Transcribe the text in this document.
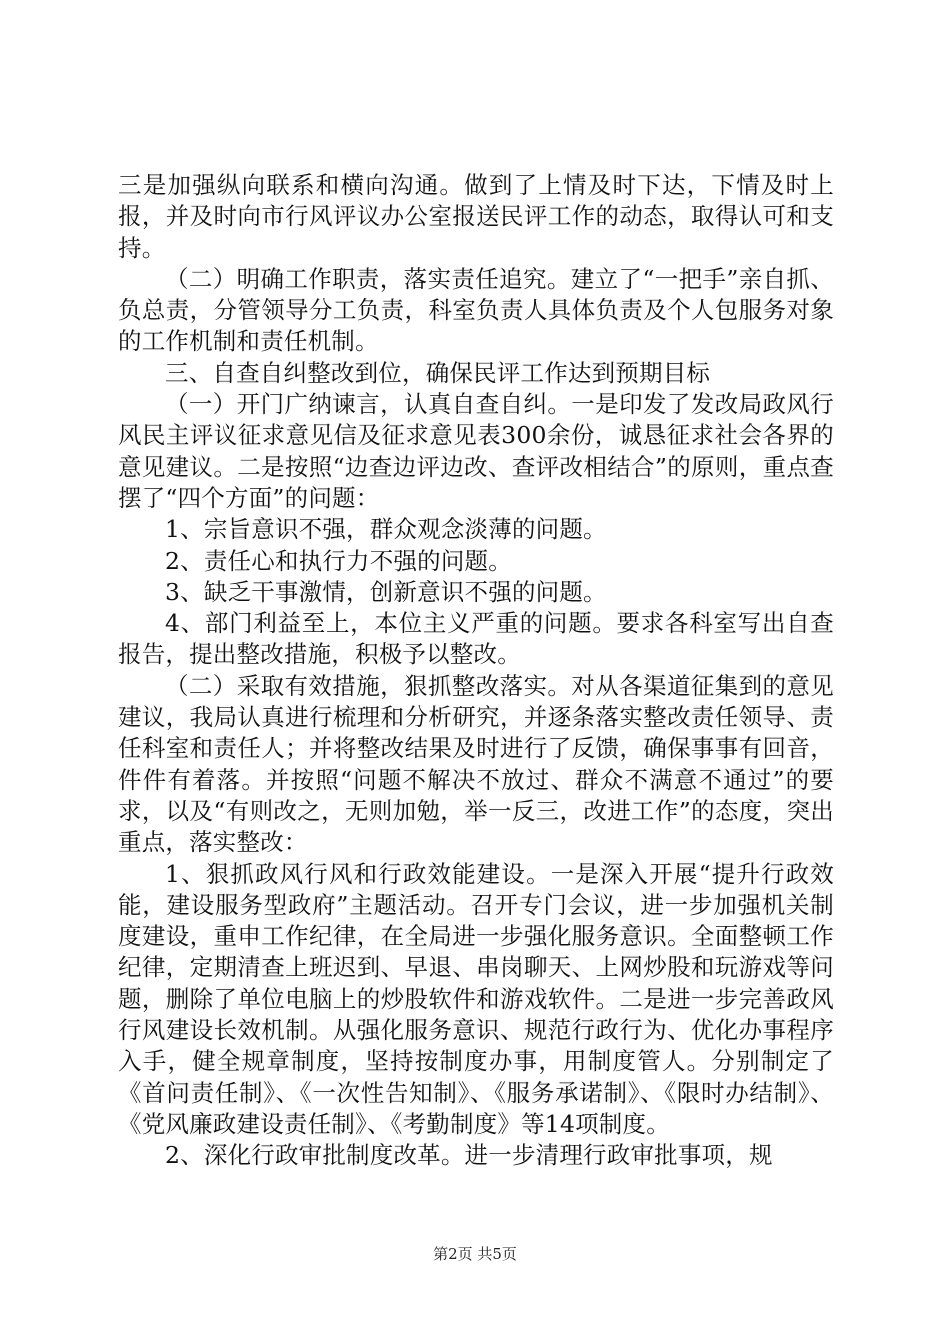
三是加强纵向联系和横向沟通。做到了上情及时下达，下情及时上报，并及时向市行风评议办公室报送民评工作的动态，取得认可和支持。

（二）明确工作职责，落实责任追究。建立了“一把手”亲自抓、负总责，分管领导分工负责，科室负责人具体负责及个人包服务对象的工作机制和责任机制。

三、自查自纠整改到位，确保民评工作达到预期目标

（一）开门广纳谏言，认真自查自纠。一是印发了发改局政风行风民主评议征求意见信及征求意见表300余份，诚恳征求社会各界的意见建议。二是按照“边查边评边改、查评改相结合”的原则，重点查摆了“四个方面”的问题：

1、宗旨意识不强，群众观念淡薄的问题。

2、责任心和执行力不强的问题。

3、缺乏干事激情，创新意识不强的问题。

4、部门利益至上，本位主义严重的问题。要求各科室写出自查报告，提出整改措施，积极予以整改。

（二）采取有效措施，狠抓整改落实。对从各渠道征集到的意见建议，我局认真进行梳理和分析研究，并逐条落实整改责任领导、责任科室和责任人；并将整改结果及时进行了反馈，确保事事有回音，件件有着落。并按照“问题不解决不放过、群众不满意不通过”的要求，以及“有则改之，无则加勉，举一反三，改进工作”的态度，突出重点，落实整改：

1、狠抓政风行风和行政效能建设。一是深入开展“提升行政效能，建设服务型政府”主题活动。召开专门会议，进一步加强机关制度建设，重申工作纪律，在全局进一步强化服务意识。全面整顿工作纪律，定期清查上班迟到、早退、串岗聊天、上网炒股和玩游戏等问题，删除了单位电脑上的炒股软件和游戏软件。二是进一步完善政风行风建设长效机制。从强化服务意识、规范行政行为、优化办事程序入手，健全规章制度，坚持按制度办事，用制度管人。分别制定了《首问责任制》、《一次性告知制》、《服务承诺制》、《限时办结制》、《党风廉政建设责任制》、《考勤制度》等14项制度。

2、深化行政审批制度改革。进一步清理行政审批事项，规

第2页 共5页
